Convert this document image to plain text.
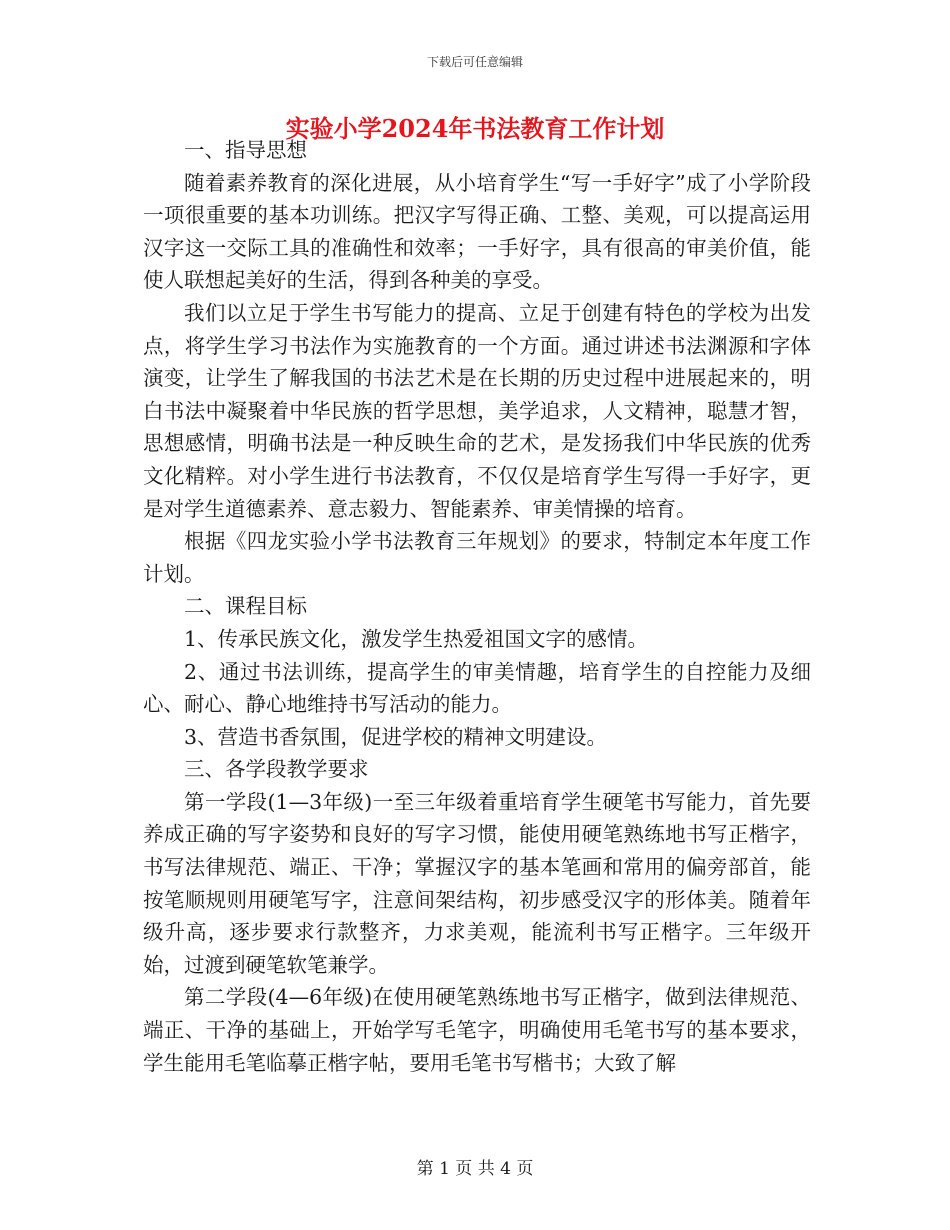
下载后可任意编辑
实验小学2024年书法教育工作计划

一、指导思想

随着素养教育的深化进展，从小培育学生“写一手好字”成了小学阶段一项很重要的基本功训练。把汉字写得正确、工整、美观，可以提高运用汉字这一交际工具的准确性和效率；一手好字，具有很高的审美价值，能使人联想起美好的生活，得到各种美的享受。

我们以立足于学生书写能力的提高、立足于创建有特色的学校为出发点，将学生学习书法作为实施教育的一个方面。通过讲述书法渊源和字体演变，让学生了解我国的书法艺术是在长期的历史过程中进展起来的，明白书法中凝聚着中华民族的哲学思想，美学追求，人文精神，聪慧才智，思想感情，明确书法是一种反映生命的艺术，是发扬我们中华民族的优秀文化精粹。对小学生进行书法教育，不仅仅是培育学生写得一手好字，更是对学生道德素养、意志毅力、智能素养、审美情操的培育。

根据《四龙实验小学书法教育三年规划》的要求，特制定本年度工作计划。

二、课程目标

1、传承民族文化，激发学生热爱祖国文字的感情。

2、通过书法训练，提高学生的审美情趣，培育学生的自控能力及细心、耐心、静心地维持书写活动的能力。

3、营造书香氛围，促进学校的精神文明建设。

三、各学段教学要求

第一学段(1—3年级)一至三年级着重培育学生硬笔书写能力，首先要养成正确的写字姿势和良好的写字习惯，能使用硬笔熟练地书写正楷字，书写法律规范、端正、干净；掌握汉字的基本笔画和常用的偏旁部首，能按笔顺规则用硬笔写字，注意间架结构，初步感受汉字的形体美。随着年级升高，逐步要求行款整齐，力求美观，能流利书写正楷字。三年级开始，过渡到硬笔软笔兼学。

第二学段(4—6年级)在使用硬笔熟练地书写正楷字，做到法律规范、端正、干净的基础上，开始学写毛笔字，明确使用毛笔书写的基本要求，学生能用毛笔临摹正楷字帖，要用毛笔书写楷书；大致了解

第 1 页 共 4 页
